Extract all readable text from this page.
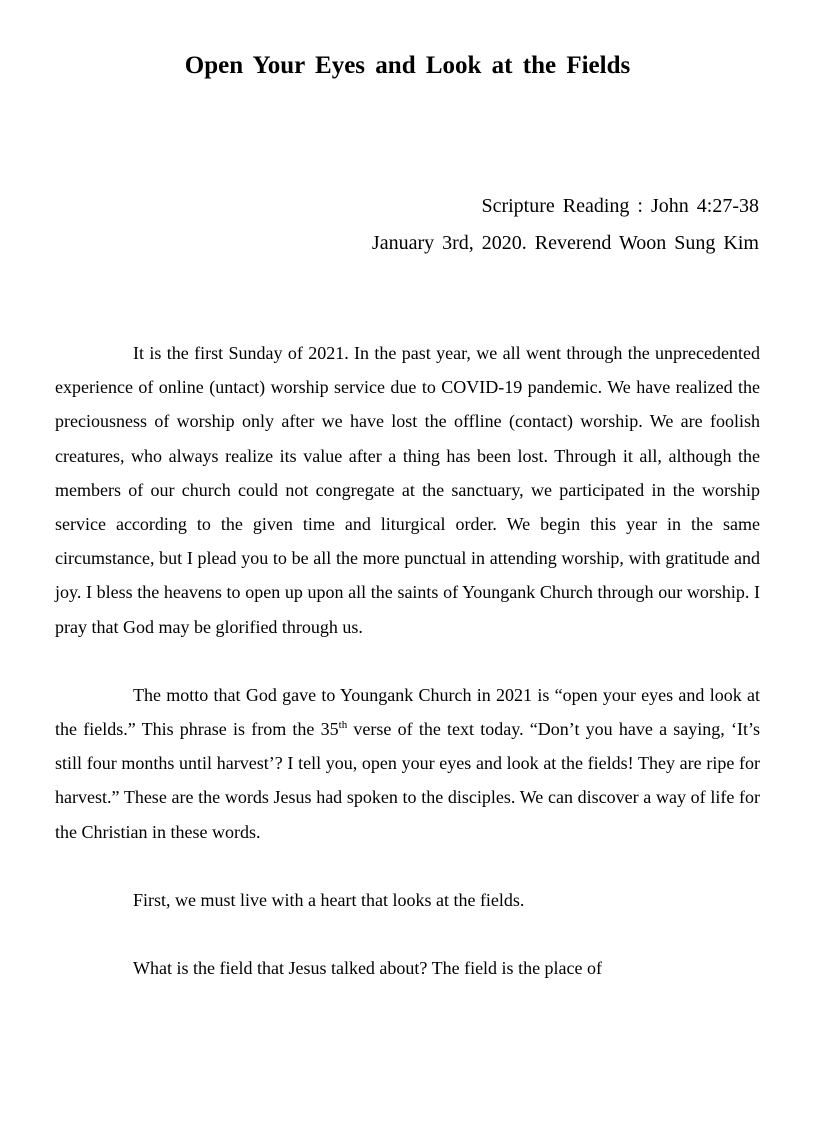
Open Your Eyes and Look at the Fields

Scripture Reading : John 4:27-38

January 3rd, 2020. Reverend Woon Sung Kim

It is the first Sunday of 2021. In the past year, we all went through the unprecedented experience of online (untact) worship service due to COVID-19 pandemic. We have realized the preciousness of worship only after we have lost the offline (contact) worship. We are foolish creatures, who always realize its value after a thing has been lost. Through it all, although the members of our church could not congregate at the sanctuary, we participated in the worship service according to the given time and liturgical order. We begin this year in the same circumstance, but I plead you to be all the more punctual in attending worship, with gratitude and joy. I bless the heavens to open up upon all the saints of Youngank Church through our worship. I pray that God may be glorified through us.

The motto that God gave to Youngank Church in 2021 is “open your eyes and look at the fields.” This phrase is from the 35th verse of the text today. “Don’t you have a saying, ‘It’s still four months until harvest’? I tell you, open your eyes and look at the fields! They are ripe for harvest.” These are the words Jesus had spoken to the disciples. We can discover a way of life for the Christian in these words.

First, we must live with a heart that looks at the fields.

What is the field that Jesus talked about? The field is the place of
